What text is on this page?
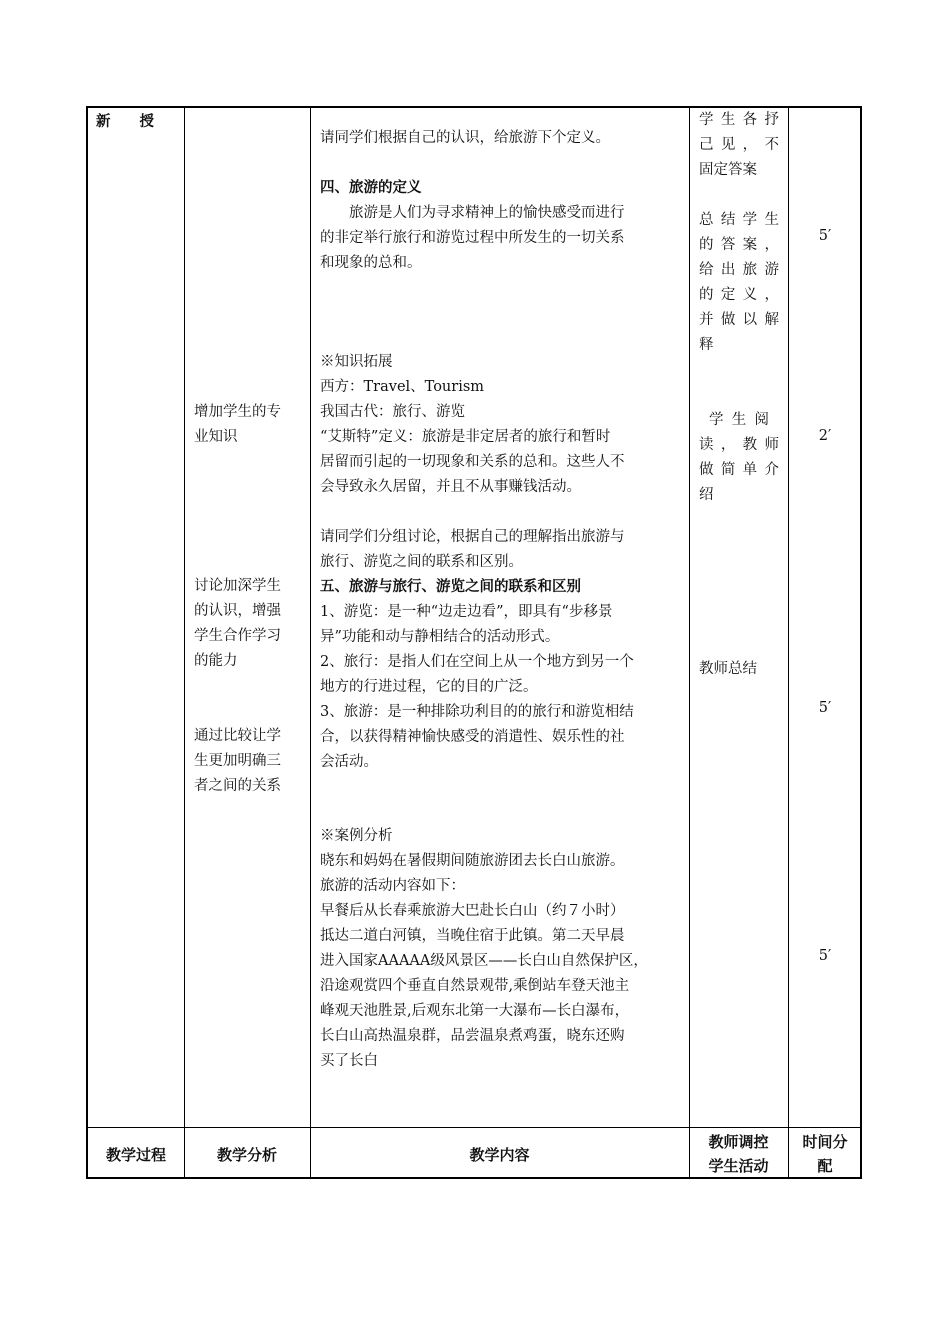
新　　授
增加学生的专
业知识
讨论加深学生
的认识，增强
学生合作学习
的能力
通过比较让学
生更加明确三
者之间的关系
请同学们根据自己的认识，给旅游下个定义。
四、旅游的定义
　　旅游是人们为寻求精神上的愉快感受而进行
的非定举行旅行和游览过程中所发生的一切关系
和现象的总和。
※知识拓展
西方：Travel、Tourism
我国古代：旅行、游览
“艾斯特”定义：旅游是非定居者的旅行和暂时
居留而引起的一切现象和关系的总和。这些人不
会导致永久居留，并且不从事赚钱活动。
请同学们分组讨论，根据自己的理解指出旅游与
旅行、游览之间的联系和区别。
五、旅游与旅行、游览之间的联系和区别
1、游览：是一种“边走边看”，即具有“步移景
异”功能和动与静相结合的活动形式。
2、旅行：是指人们在空间上从一个地方到另一个
地方的行进过程，它的目的广泛。
3、旅游：是一种排除功利目的的旅行和游览相结
合，以获得精神愉快感受的消遣性、娱乐性的社
会活动。
※案例分析
晓东和妈妈在暑假期间随旅游团去长白山旅游。
旅游的活动内容如下：
早餐后从长春乘旅游大巴赴长白山（约７小时）
抵达二道白河镇，当晚住宿于此镇。第二天早晨
进入国家AAAAA级风景区——长白山自然保护区，
沿途观赏四个垂直自然景观带,乘倒站车登天池主
峰观天池胜景,后观东北第一大瀑布—长白瀑布，
长白山高热温泉群，品尝温泉煮鸡蛋，晓东还购
买了长白
学生各抒
己见，不
固定答案
总结学生
的答案，
给出旅游
的定义，
并做以解
释
学生阅
读，教师
做简单介
绍
教师总结
5′
2′
5′
5′
教学过程	教学分析	教学内容
教师调控
学生活动
时间分
配
